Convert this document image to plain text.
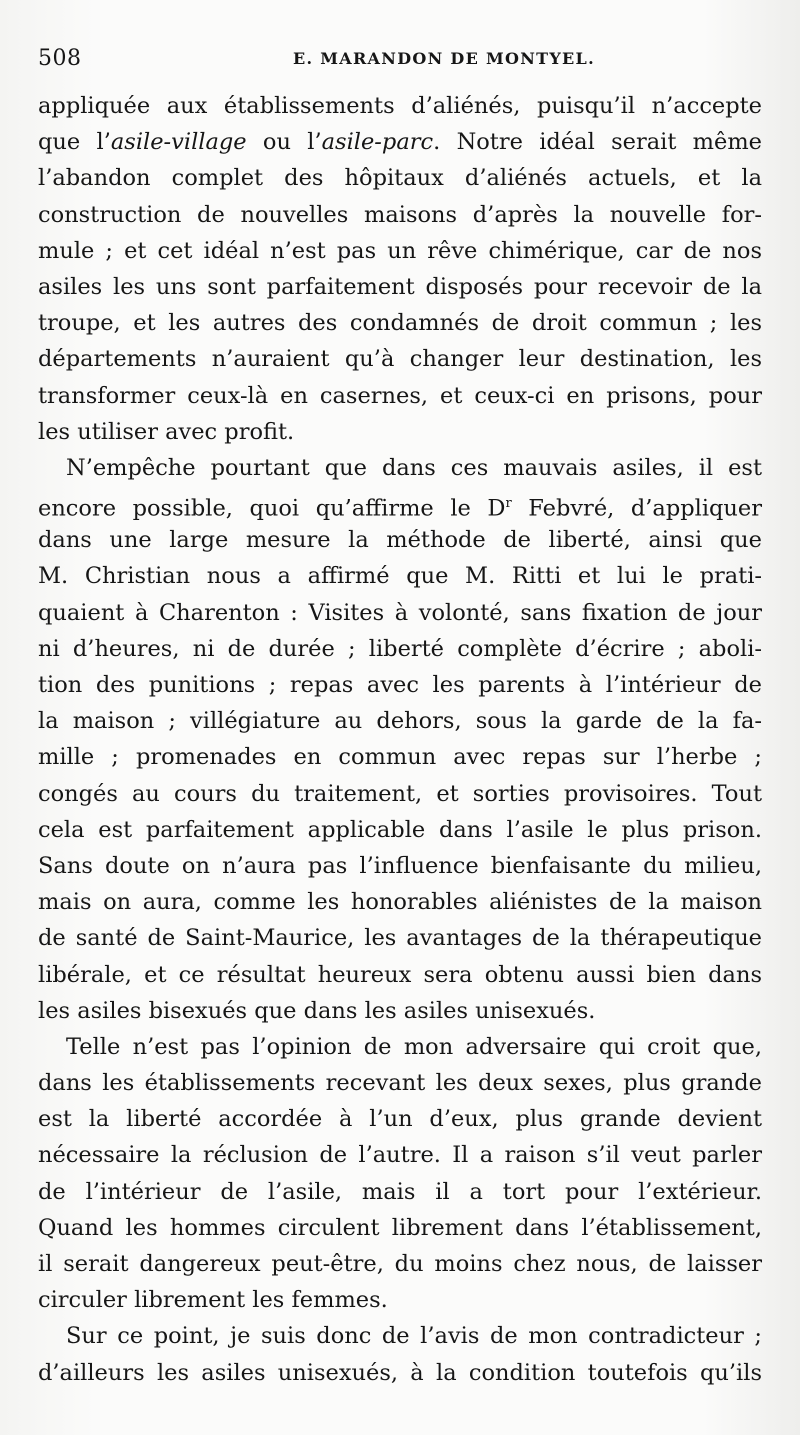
508	E. MARANDON DE MONTYEL.
appliquée aux établissements d’aliénés, puisqu’il n’accepte
que l’asile-village ou l’asile-parc. Notre idéal serait même
l’abandon complet des hôpitaux d’aliénés actuels, et la
construction de nouvelles maisons d’après la nouvelle for-
mule ; et cet idéal n’est pas un rêve chimérique, car de nos
asiles les uns sont parfaitement disposés pour recevoir de la
troupe, et les autres des condamnés de droit commun ; les
départements n’auraient qu’à changer leur destination, les
transformer ceux-là en casernes, et ceux-ci en prisons, pour
les utiliser avec profit.
N’empêche pourtant que dans ces mauvais asiles, il est
encore possible, quoi qu’affirme le $D^r$ Febvré, d’appliquer
dans une large mesure la méthode de liberté, ainsi que
M. Christian nous a affirmé que M. Ritti et lui le prati-
quaient à Charenton : Visites à volonté, sans fixation de jour
ni d’heures, ni de durée ; liberté complète d’écrire ; aboli-
tion des punitions ; repas avec les parents à l’intérieur de
la maison ; villégiature au dehors, sous la garde de la fa-
mille ; promenades en commun avec repas sur l’herbe ;
congés au cours du traitement, et sorties provisoires. Tout
cela est parfaitement applicable dans l’asile le plus prison.
Sans doute on n’aura pas l’influence bienfaisante du milieu,
mais on aura, comme les honorables aliénistes de la maison
de santé de Saint-Maurice, les avantages de la thérapeutique
libérale, et ce résultat heureux sera obtenu aussi bien dans
les asiles bisexués que dans les asiles unisexués.
Telle n’est pas l’opinion de mon adversaire qui croit que,
dans les établissements recevant les deux sexes, plus grande
est la liberté accordée à l’un d’eux, plus grande devient
nécessaire la réclusion de l’autre. Il a raison s’il veut parler
de l’intérieur de l’asile, mais il a tort pour l’extérieur.
Quand les hommes circulent librement dans l’établissement,
il serait dangereux peut-être, du moins chez nous, de laisser
circuler librement les femmes.
Sur ce point, je suis donc de l’avis de mon contradicteur ;
d’ailleurs les asiles unisexués, à la condition toutefois qu’ils
